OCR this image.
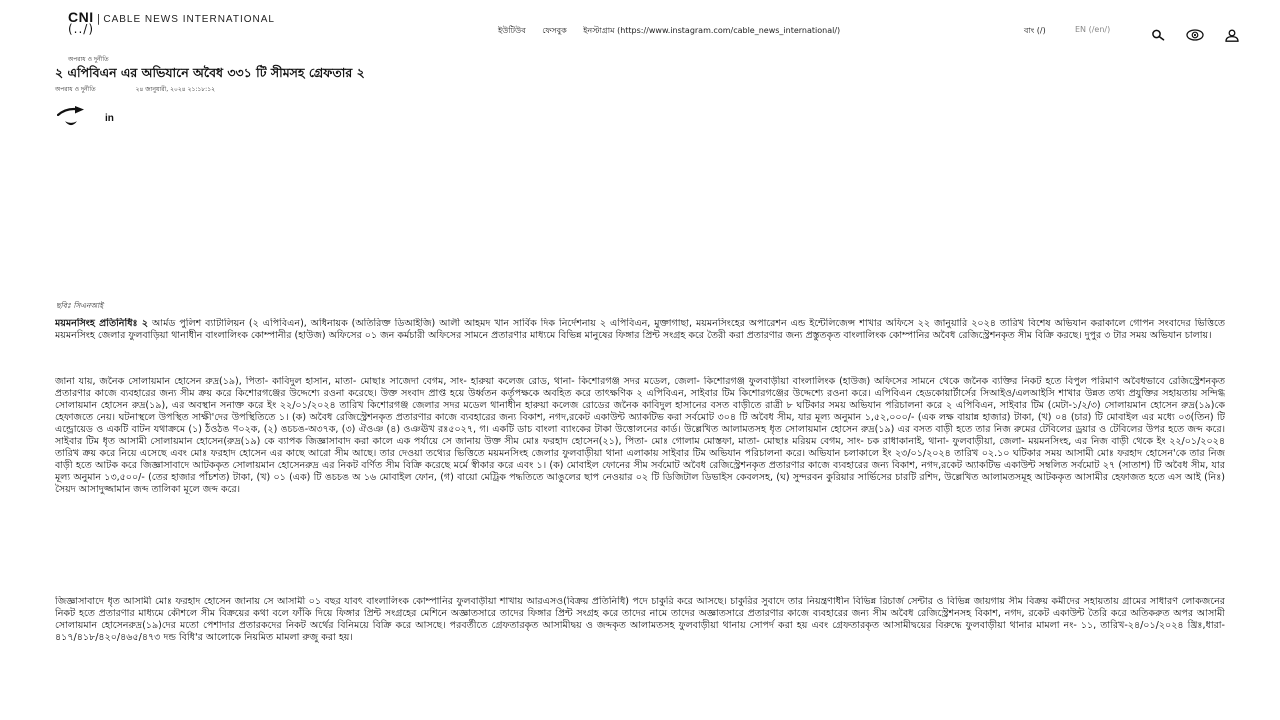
CNI | CABLE NEWS INTERNATIONAL
(../)	ইউটিউব ফেসবুক ইনস্টাগ্রাম (https://www.instagram.com/cable_news_international/)	বাং (/)	EN (/en/)
অপরাধ ও দুর্নীতি
২ এপিবিএন এর অভিযানে অবৈধ ৩৩১ টি সীমসহ গ্রেফতার ২
অপরাধ ও দুর্নীতি	২৪ জানুয়ারী, ২০২৪ ২১:১৮:১২
in
ছবিঃ সিএনআই

ময়মনসিংহ প্রতিনিধিঃ ২ আর্মড পুলিশ ব্যাটালিয়ন (২ এপিবিএন), অধিনায়ক (অতিরিক্ত ডিআইজি) আলী আহমদ খান সার্বিক দিক নির্দেশনায় ২ এপিবিএন, মুক্তাগাছা, ময়মনসিংহের অপারেশন এন্ড ইন্টেলিজেন্স শাখার অফিসে ২২ জানুয়ারি ২০২৪ তারিখ বিশেষ অভিযান করাকালে গোপন সংবাদের ভিত্তিতে ময়মনসিংহ জেলার ফুলবাড়িয়া থানাধীন বাংলালিংক কোম্পানীর (হাউজ) অফিসের ০১ জন কর্মচারী অফিসের সামনে প্রতারণার মাধ্যমে বিভিন্ন মানুষের ফিঙ্গার প্রিন্ট সংগ্রহ করে তৈরী করা প্রতারণার জন্য প্রস্তুতকৃত বাংলালিংক কোম্পানির অবৈধ রেজিস্ট্রেশনকৃত সীম বিক্রি করছে। দুপুর ৩ টার সময় অভিযান চালায়।

জানা যায়, জনৈক সোলায়মান হোসেন রুদ্র(১৯), পিতা- কাবিদুল হাসান, মাতা- মোছাঃ সাজেদা বেগম, সাং- হারুয়া কলেজ রোড, থানা- কিশোরগঞ্জ সদর মডেল, জেলা- কিশোরগঞ্জ ফুলবাড়ীয়া বাংলালিংক (হাউজ) অফিসের সামনে থেকে জনৈক ব্যক্তির নিকট হতে বিপুল পরিমাণ অবৈধভাবে রেজিস্ট্রেশনকৃত প্রতারণার কাজে ব্যবহারের জন্য সীম ক্রয় করে কিশোরগঞ্জের উদ্দেশ্যে রওনা করেছে। উক্ত সংবাদ প্রাপ্ত হয়ে উর্ধ্বতন কর্তৃপক্ষকে অবহিত করে তাৎক্ষণিক ২ এপিবিএন, সাইবার টিম কিশোরগঞ্জের উদ্দেশ্যে রওনা করে। এপিবিএন হেডকোয়ার্টার্সের সিআইও/এলআইসি শাখার উন্নত তথ্য প্রযুক্তির সহায়তায় সন্দিগ্ধ সোলায়মান হোসেন রুদ্র(১৯), এর অবস্থান সনাক্ত করে ইং ২২/০১/২০২৪ তারিখ কিশোরগঞ্জ জেলার সদর মডেল থানাধীন হারুয়া কলেজ রোডের জনৈক কাবিদুল হাসানের বসত বাড়ীতে রাত্রী ৮ ঘটিকার সময় অভিযান পরিচালনা করে ২ এপিবিএন, সাইবার টিম (মেটা-১/২/৩) সোলায়মান হোসেন রুদ্র(১৯)কে হেফাজতে নেয়। ঘটনাস্থলে উপস্থিত সাক্ষী'দের উপস্থিতিতে ১। (ক) অবৈধ রেজিস্ট্রেশনকৃত প্রতারণার কাজে ব্যবহারের জন্য বিকাশ, নগদ,রকেট একাউন্ট অ্যাকটিভ করা সর্বমোট ৩০৪ টি অবৈধ সীম, যার মূল্য অনুমান ১,৫২,০০০/- (এক লক্ষ বায়ান্ন হাজার) টাকা, (খ) ০৪ (চার) টি মোবাইল এর মধ্যে ০৩(তিন) টি এন্ড্রোয়েড ও একটি বাটন যথাক্রমে (১) ঠঁওঠঙ ণ০২ক, (২) ঙচচঙ-অ৩৭ক, (৩) ঐওঞ (৪) ওঞঊখ রঃ৫০২৭, গ। একটি ডাচ বাংলা ব্যাংকের টাকা উত্তোলনের কার্ড। উল্লেখিত আলামতসহ ধৃত সোলায়মান হোসেন রুদ্র(১৯) এর বসত বাড়ী হতে তার নিজ রুমের টেবিলের ড্রয়ার ও টেবিলের উপর হতে জব্দ করে। সাইবার টিম ধৃত আসামী সোলায়মান হোসেন(রুদ্র(১৯) কে ব্যাপক জিজ্ঞাসাবাদ করা কালে এক পর্যায়ে সে জানায় উক্ত সীম মোঃ ফরহাদ হোসেন(২১), পিতা- মোঃ গোলাম মোস্তফা, মাতা- মোছাঃ মরিয়ম বেগম, সাং- চক রাধাকানাই, থানা- ফুলবাড়ীয়া, জেলা- ময়মনসিংহ, এর নিজ বাড়ী থেকে ইং ২২/০১/২০২৪ তারিখ ক্রয় করে নিয়ে এসেছে এবং মোঃ ফরহাদ হোসেন এর কাছে আরো সীম আছে। তার দেওয়া তথ্যের ভিত্তিতে ময়মনসিংহ জেলার ফুলবাড়ীয়া থানা এলাকায় সাইবার টিম অভিযান পরিচালনা করে। অভিযান চলাকালে ইং ২৩/০১/২০২৪ তারিখ ০২.১০ ঘটিকার সময় আসামী মোঃ ফরহাদ হোসেন'কে তার নিজ বাড়ী হতে আটক করে জিজ্ঞাসাবাদে আটককৃত সোলায়মান হোসেনরুদ্র এর নিকট বর্ণিত সীম বিক্রি করেছে মর্মে স্বীকার করে এবং ১। (ক) মোবাইল ফোনের সীম সর্বমোট অবৈধ রেজিস্ট্রেশনকৃত প্রতারণার কাজে ব্যবহারের জন্য বিকাশ, নগদ,রকেট অ্যাকটিভ একাউন্ট সম্বলিত সর্বমোট ২৭ (সাতাশ) টি অবৈধ সীম, যার মূল্য অনুমান ১৩,৫০০/- (তের হাজার পাঁচশত) টাকা, (খ) ০১ (এক) টি ঙচচঙ অ ১৬ মোবাইল ফোন, (গ) বায়ো মেট্রিক পদ্ধতিতে আঙুলের ছাপ নেওয়ার ০২ টি ডিজিটাল ডিভাইস কেবলসহ, (ঘ) সুন্দরবন কুরিয়ার সার্ভিসের চারটি রশিদ, উল্লেখিত আলামতসমূহ আটককৃত আসামীর হেফাজত হতে এস আই (নিঃ) সৈয়দ আসাদুজ্জামান জব্দ তালিকা মূলে জব্দ করে।

জিজ্ঞাসাবাদে ধৃত আসামী মোঃ ফরহাদ হোসেন জানায় সে আসামী ০১ বছর যাবৎ বাংলালিংক কোম্পানির ফুলবাড়ীয়া শাখায় আরএসও(বিক্রয় প্রতিনিধি) পদে চাকুরি করে আসছে। চাকুরির সুবাদে তার নিয়ন্ত্রণাধীন বিভিন্ন রিচার্জ সেন্টার ও বিভিন্ন জায়গায় সীম বিক্রয় কর্মীদের সহায়তায় গ্রামের সাধারণ লোকজনের নিকট হতে প্রতারণার মাধ্যমে কৌশলে সীম বিক্রয়ের কথা বলে ফাঁকি দিয়ে ফিঙ্গার প্রিন্ট সংগ্রহের মেশিনে অজ্ঞাতসারে তাদের ফিঙ্গার প্রিন্ট সংগ্রহ করে তাদের নামে তাদের অজ্ঞাতসারে প্রতারণার কাজে ব্যবহারের জন্য সীম অবৈধ রেজিস্ট্রেশনসহ বিকাশ, নগদ, রকেট একাউন্ট তৈরি করে অতিকরুত অপর আসামী সোলায়মান হোসেনরুদ্র(১৯)দের মতো পেশাদার প্রতারকদের নিকট অর্থের বিনিময়ে বিক্রি করে আসছে। পরবর্তীতে গ্রেফতারকৃত আসামীদ্বয় ও জব্দকৃত আলামতসহ ফুলবাড়ীয়া থানায় সোপর্দ করা হয় এবং গ্রেফতারকৃত আসামীদ্বয়ের বিরুদ্ধে ফুলবাড়ীয়া থানার মামলা নং- ১১, তারিখ-২৪/০১/২০২৪ খ্রিঃ,ধারা- ৪১৭/৪১৮/৪২০/৪৬৫/৪৭৩ দন্ড বিধি'র আলোকে নিয়মিত মামলা রুজু করা হয়।
